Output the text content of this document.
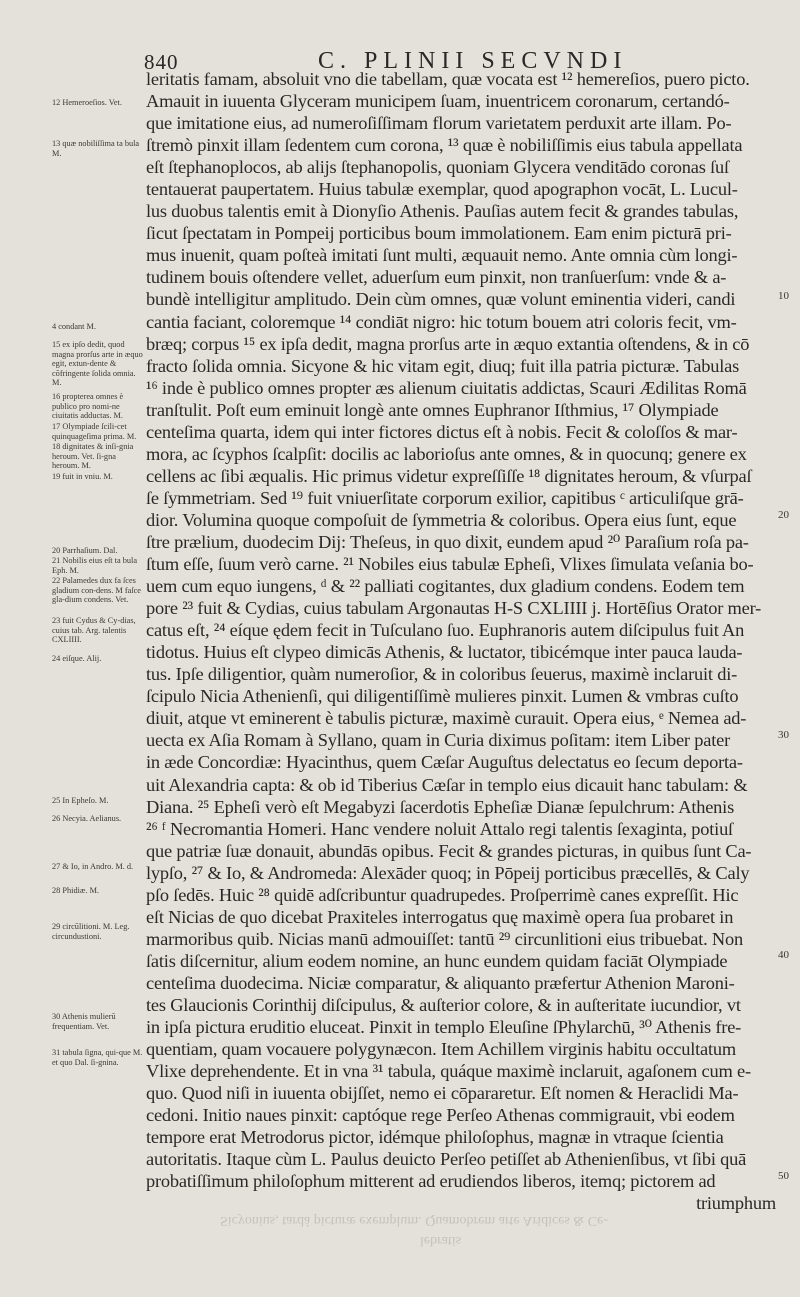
840	C. PLINII SECVNDI
12 Hemeroeſios. Vet.
13 quæ nobiliſſima ta bula M.
4 condant M.
15 ex ipſo dedit, quod magna prorſus arte in æquo egit, extun-dente & cōfringente ſolida omnia. M.
16 propterea omnes è publico pro nomi-ne ciuitatis adductas. M.
17 Olympiade ſcili-cet quinquageſima prima. M.
18 dignitates & inſi-gnia heroum. Vet. ſi-gna heroum. M.
19 fuit in vniu. M.
20 Parrhaſium. Dal.
21 Nobilis eius eſt ta bula Eph. M.
22 Palamedes dux fa ſces gladium con-dens. M faſce gla-dium condens. Vet.
23 fuit Cydus & Cy-dias, cuius tab. Arg. talentis CXLIIII.
24 eiſque. Alij.
25 In Epheſo. M.
26 Necyia. Aelianus.
27 & Io, in Andro. M. d.
28 Phidiæ. M.
29 circūlitioni. M. Leg. circundustioni.
30 Athenis mulierū frequentiam. Vet.
31 tabula ſigna, qui-que M. et quo Dal. ſi-gnina.
leritatis famam, absoluit vno die tabellam, quæ vocata est ¹² hemereſios, puero picto.
Amauit in iuuenta Glyceram municipem ſuam, inuentricem coronarum, certandó-
que imitatione eius, ad numeroſiſſimam florum varietatem perduxit arte illam. Po-
ſtremò pinxit illam ſedentem cum corona, ¹³ quæ è nobiliſſimis eius tabula appellata
eſt ſtephanoplocos, ab alijs ſtephanopolis, quoniam Glycera venditādo coronas ſuſ
tentauerat paupertatem. Huius tabulæ exemplar, quod apographon vocāt, L. Lucul-
lus duobus talentis emit à Dionyſio Athenis. Pauſias autem fecit & grandes tabulas,
ſicut ſpectatam in Pompeij porticibus boum immolationem. Eam enim picturā pri-
mus inuenit, quam poſteà imitati ſunt multi, æquauit nemo. Ante omnia cùm longi-
tudinem bouis oſtendere vellet, aduerſum eum pinxit, non tranſuerſum: vnde & a-
bundè intelligitur amplitudo. Dein cùm omnes, quæ volunt eminentia videri, candi
cantia faciant, coloremque ¹⁴ condiāt nigro: hic totum bouem atri coloris fecit, vm-
bræq; corpus ¹⁵ ex ipſa dedit, magna prorſus arte in æquo extantia oſtendens, & in cō
fracto ſolida omnia. Sicyone & hic vitam egit, diuq; fuit illa patria picturæ. Tabulas
¹⁶ inde è publico omnes propter æs alienum ciuitatis addictas, Scauri Ædilitas Romā
tranſtulit. Poſt eum eminuit longè ante omnes Euphranor Iſthmius, ¹⁷ Olympiade
centeſima quarta, idem qui inter fictores dictus eſt à nobis. Fecit & coloſſos & mar-
mora, ac ſcyphos ſcalpſit: docilis ac laborioſus ante omnes, & in quocunq; genere ex
cellens ac ſibi æqualis. Hic primus videtur expreſſiſſe ¹⁸ dignitates heroum, & vſurpaſ
ſe ſymmetriam. Sed ¹⁹ fuit vniuerſitate corporum exilior, capitibus ᶜ articuliſque grā-
dior. Volumina quoque compoſuit de ſymmetria & coloribus. Opera eius ſunt, eque
ſtre prælium, duodecim Dij: Theſeus, in quo dixit, eundem apud ²⁰ Paraſium roſa pa-
ſtum eſſe, ſuum verò carne. ²¹ Nobiles eius tabulæ Epheſi, Vlixes ſimulata veſania bo-
uem cum equo iungens, ᵈ & ²² palliati cogitantes, dux gladium condens. Eodem tem
pore ²³ fuit & Cydias, cuius tabulam Argonautas H-S CXLIIII j. Hortēſius Orator mer-
catus eſt, ²⁴ eíque ędem fecit in Tuſculano ſuo. Euphranoris autem diſcipulus fuit An
tidotus. Huius eſt clypeo dimicās Athenis, & luctator, tibicémque inter pauca lauda-
tus. Ipſe diligentior, quàm numeroſior, & in coloribus ſeuerus, maximè inclaruit di-
ſcipulo Nicia Athenienſi, qui diligentiſſimè mulieres pinxit. Lumen & vmbras cuſto
diuit, atque vt eminerent è tabulis picturæ, maximè curauit. Opera eius, ᵉ Nemea ad-
uecta ex Aſia Romam à Syllano, quam in Curia diximus poſitam: item Liber pater
in æde Concordiæ: Hyacinthus, quem Cæſar Auguſtus delectatus eo ſecum deporta-
uit Alexandria capta: & ob id Tiberius Cæſar in templo eius dicauit hanc tabulam: &
Diana. ²⁵ Epheſi verò eſt Megabyzi ſacerdotis Epheſiæ Dianæ ſepulchrum: Athenis
²⁶ ᶠ Necromantia Homeri. Hanc vendere noluit Attalo regi talentis ſexaginta, potiuſ
que patriæ ſuæ donauit, abundās opibus. Fecit & grandes picturas, in quibus ſunt Ca-
lypſo, ²⁷ & Io, & Andromeda: Alexāder quoq; in Pōpeij porticibus præcellēs, & Caly
pſo ſedēs. Huic ²⁸ quidē adſcribuntur quadrupedes. Proſperrimè canes expreſſit. Hic
eſt Nicias de quo dicebat Praxiteles interrogatus quę maximè opera ſua probaret in
marmoribus quib. Nicias manū admouiſſet: tantū ²⁹ circunlitioni eius tribuebat. Non
ſatis diſcernitur, alium eodem nomine, an hunc eundem quidam faciāt Olympiade
centeſima duodecima. Niciæ comparatur, & aliquanto præfertur Athenion Maroni-
tes Glaucionis Corinthij diſcipulus, & auſterior colore, & in auſteritate iucundior, vt
in ipſa pictura eruditio eluceat. Pinxit in templo Eleuſine ſPhylarchū, ³⁰ Athenis fre-
quentiam, quam vocauere polygynæcon. Item Achillem virginis habitu occultatum
Vlixe deprehendente. Et in vna ³¹ tabula, quáque maximè inclaruit, agaſonem cum e-
quo. Quod niſi in iuuenta obijſſet, nemo ei cōpararetur. Eſt nomen & Heraclidi Ma-
cedoni. Initio naues pinxit: captóque rege Perſeo Athenas commigrauit, vbi eodem
tempore erat Metrodorus pictor, idémque philoſophus, magnæ in vtraque ſcientia
autoritatis. Itaque cùm L. Paulus deuicto Perſeo petiſſet ab Athenienſibus, vt ſibi quā
probatiſſimum philoſophum mitterent ad erudiendos liberos, itemq; pictorem ad
triumphum
10
20
30
40
50
Sicyonius, tardá picturæ exemplum. Quamobrem arte Aridices & Ce-
lebratis
